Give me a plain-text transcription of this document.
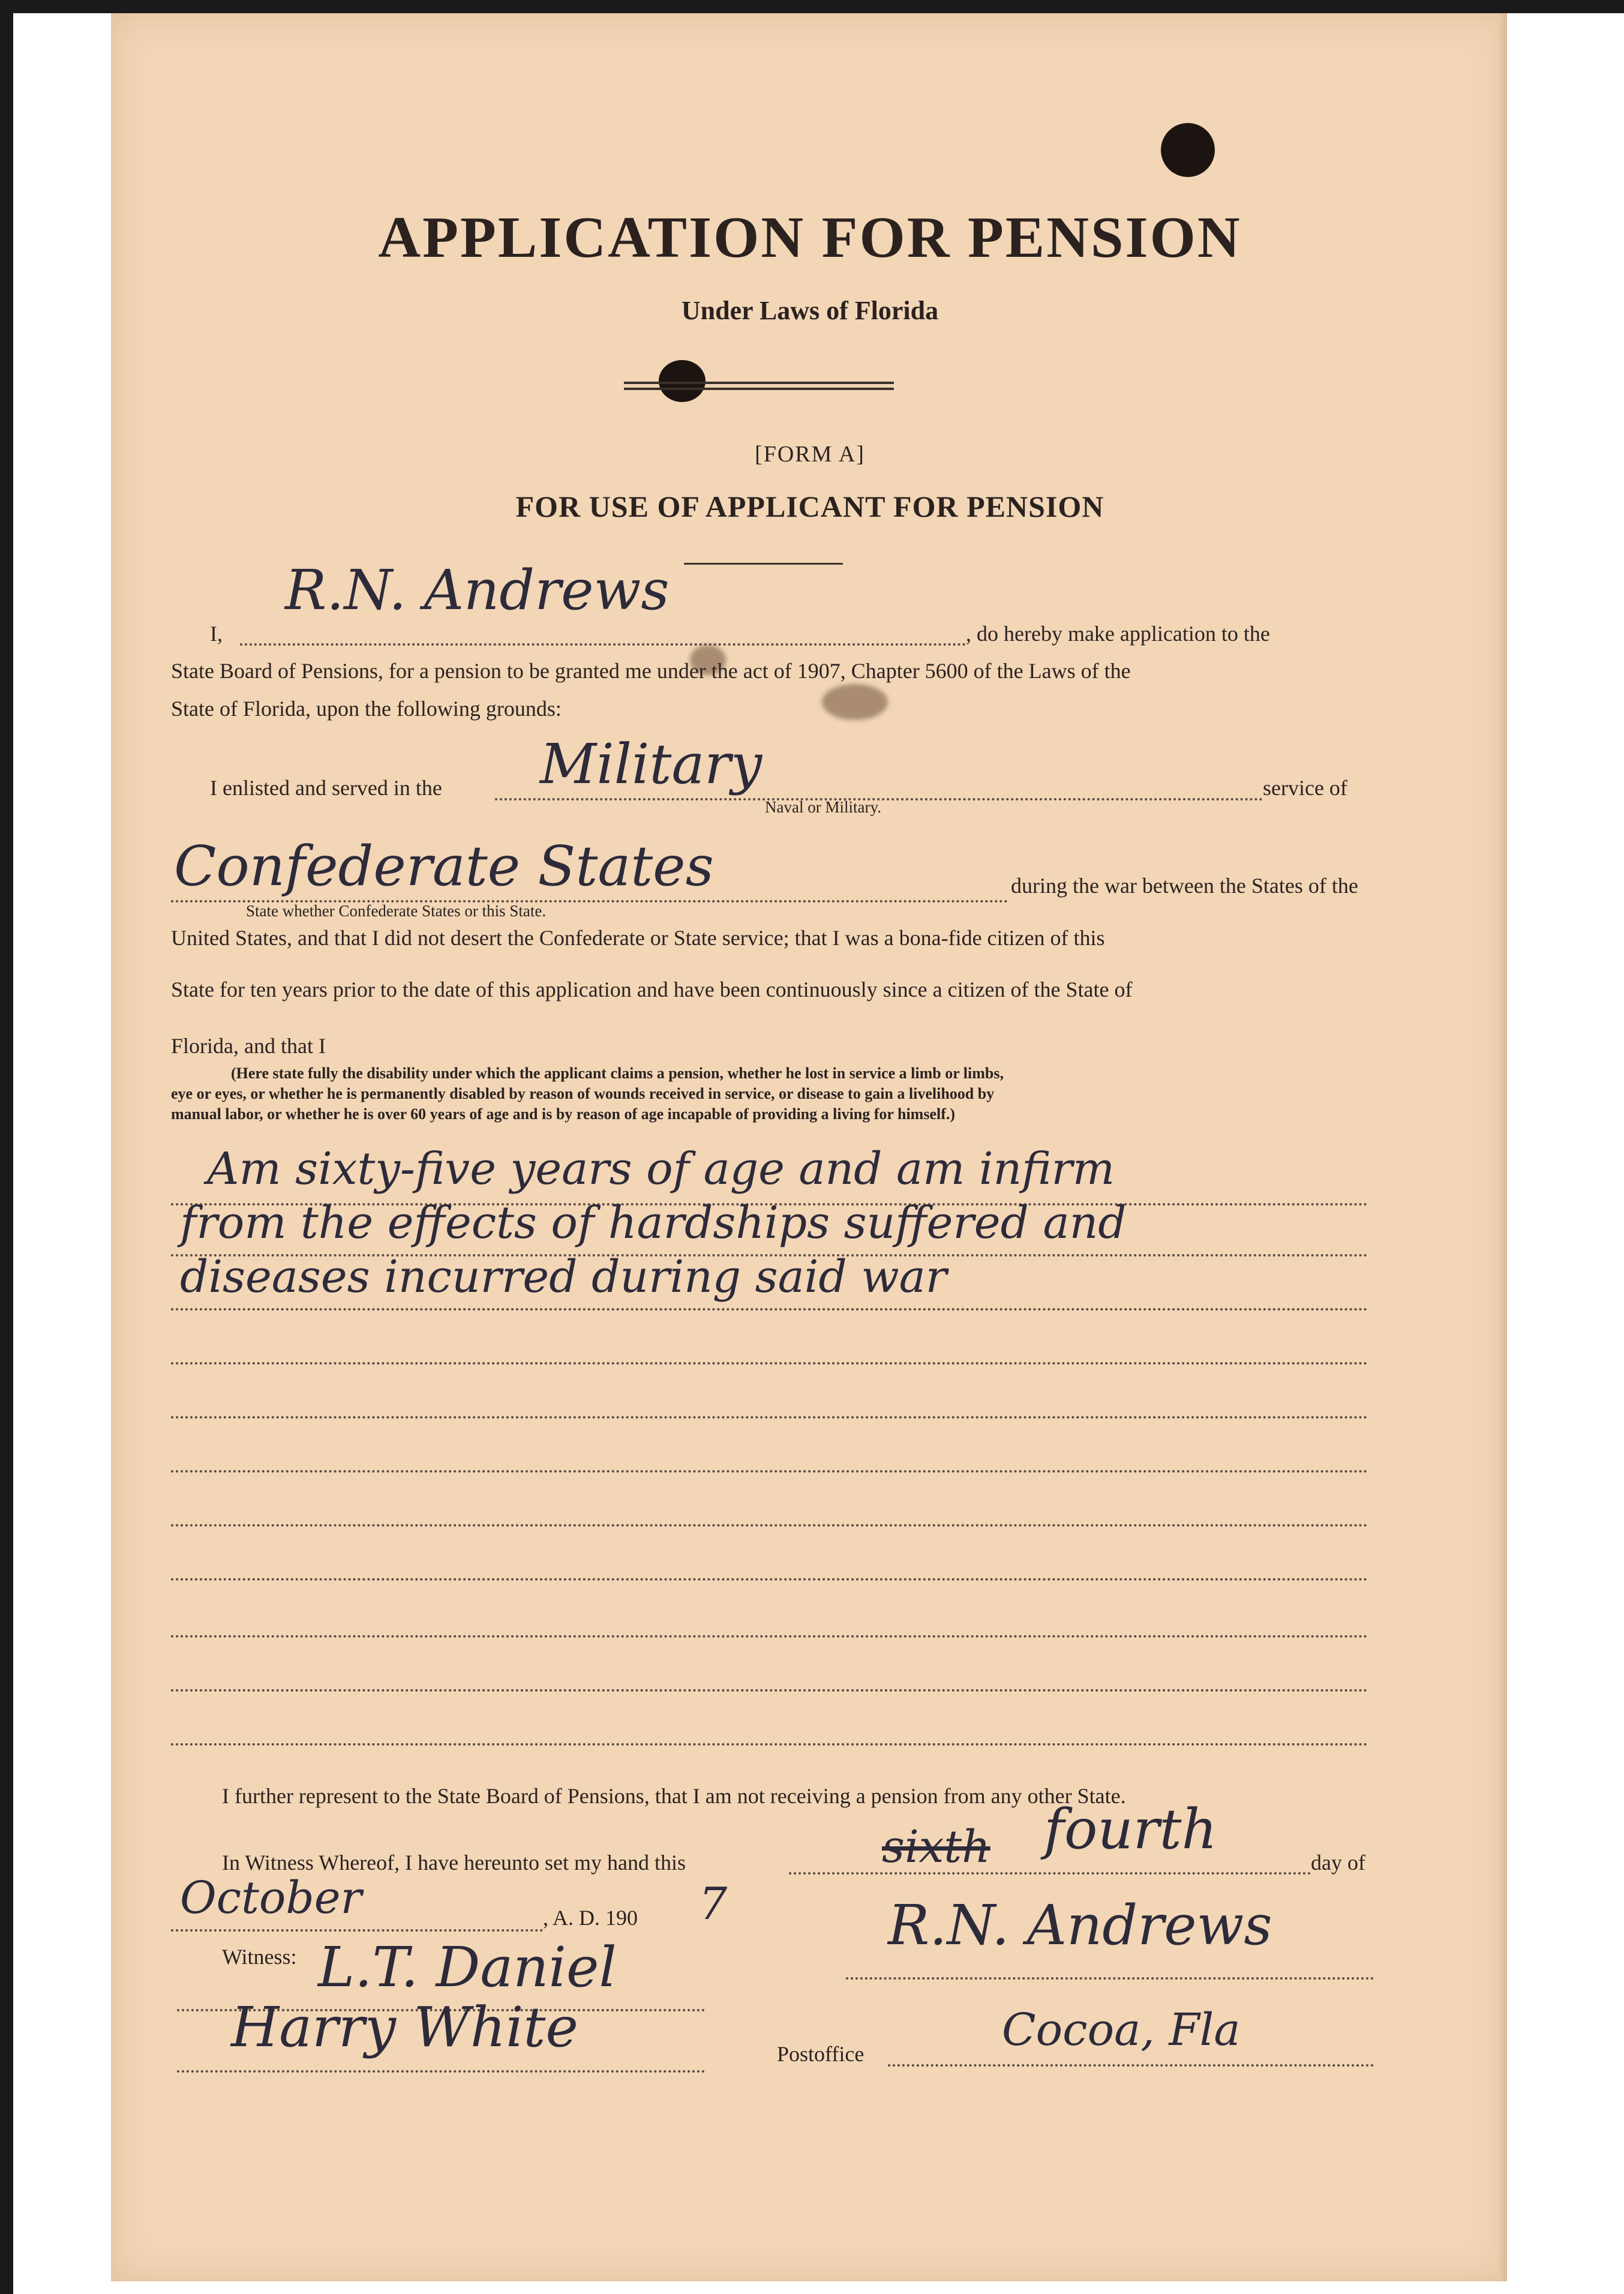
APPLICATION FOR PENSION
Under Laws of Florida
[FORM A]
FOR USE OF APPLICANT FOR PENSION
I,
R.N. Andrews
, do hereby make application to the
State Board of Pensions, for a pension to be granted me under the act of 1907, Chapter 5600 of the Laws of the
State of Florida, upon the following grounds:
I enlisted and served in the Military
Naval or Military.
service of
Confederate States
State whether Confederate States or this State.
during the war between the States of the
United States, and that I did not desert the Confederate or State service; that I was a bona-fide citizen of this
State for ten years prior to the date of this application and have been continuously since a citizen of the State of
Florida, and that I
(Here state fully the disability under which the applicant claims a pension, whether he lost in service a limb or limbs,
eye or eyes, or whether he is permanently disabled by reason of wounds received in service, or disease to gain a livelihood by
manual labor, or whether he is over 60 years of age and is by reason of age incapable of providing a living for himself.)
Am sixty-five years of age and am infirm
from the effects of hardships suffered and
diseases incurred during said war
I further represent to the State Board of Pensions, that I am not receiving a pension from any other State.
In Witness Whereof, I have hereunto set my hand this	sixth fourth
day of
October	, A. D. 190 7
Witness: L.T. Daniel
Harry White
R.N. Andrews
Postoffice	Cocoa, Fla
